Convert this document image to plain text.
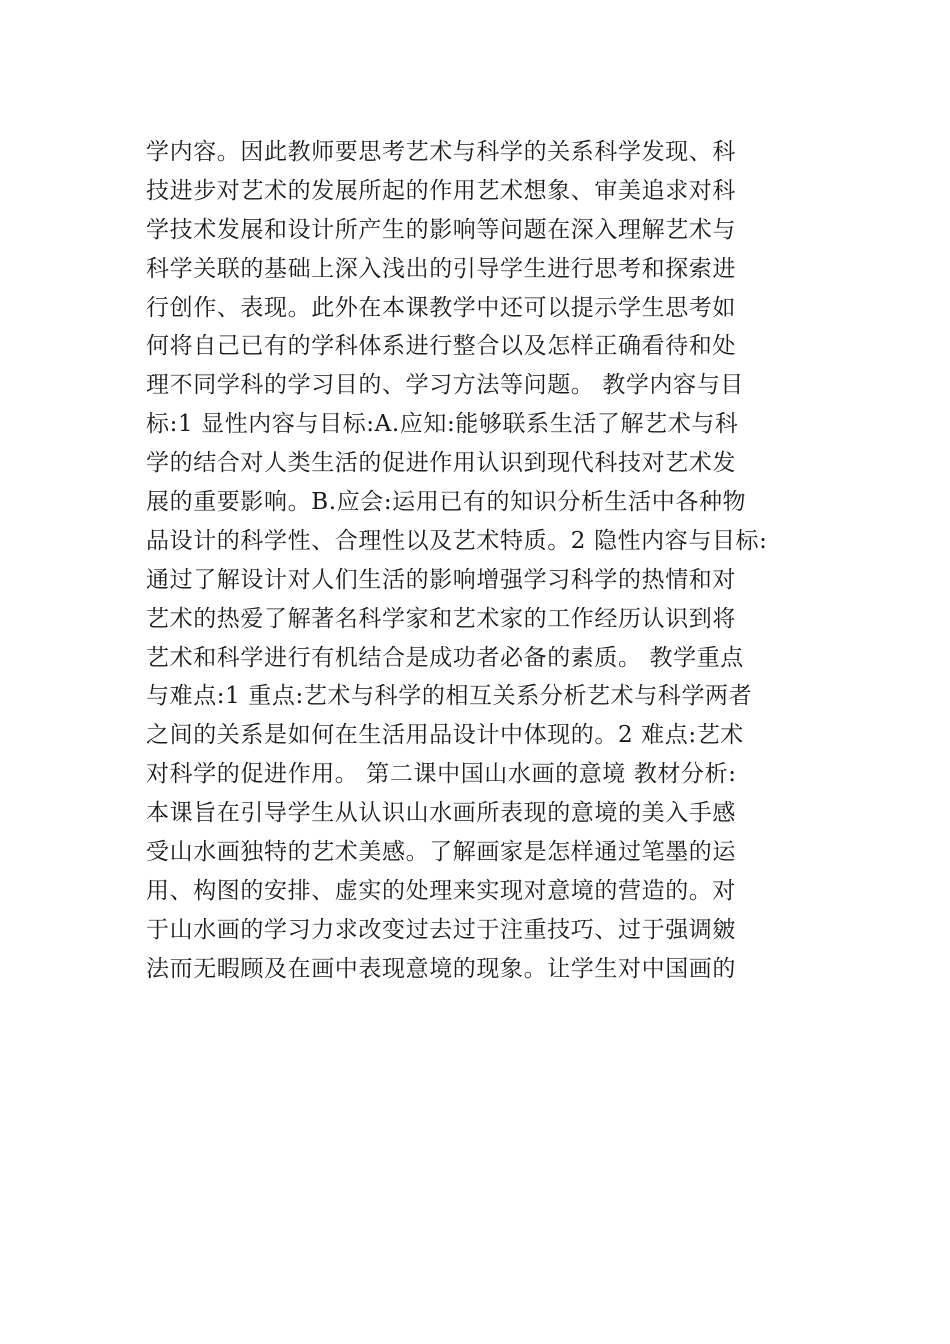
学内容。因此教师要思考艺术与科学的关系科学发现、科
技进步对艺术的发展所起的作用艺术想象、审美追求对科
学技术发展和设计所产生的影响等问题在深入理解艺术与
科学关联的基础上深入浅出的引导学生进行思考和探索进
行创作、表现。此外在本课教学中还可以提示学生思考如
何将自己已有的学科体系进行整合以及怎样正确看待和处
理不同学科的学习目的、学习方法等问题。 教学内容与目
标:1 显性内容与目标:A.应知:能够联系生活了解艺术与科
学的结合对人类生活的促进作用认识到现代科技对艺术发
展的重要影响。B.应会:运用已有的知识分析生活中各种物
品设计的科学性、合理性以及艺术特质。2 隐性内容与目标:
通过了解设计对人们生活的影响增强学习科学的热情和对
艺术的热爱了解著名科学家和艺术家的工作经历认识到将
艺术和科学进行有机结合是成功者必备的素质。 教学重点
与难点:1 重点:艺术与科学的相互关系分析艺术与科学两者
之间的关系是如何在生活用品设计中体现的。2 难点:艺术
对科学的促进作用。 第二课中国山水画的意境 教材分析:
本课旨在引导学生从认识山水画所表现的意境的美入手感
受山水画独特的艺术美感。了解画家是怎样通过笔墨的运
用、构图的安排、虚实的处理来实现对意境的营造的。对
于山水画的学习力求改变过去过于注重技巧、过于强调皴
法而无暇顾及在画中表现意境的现象。让学生对中国画的
